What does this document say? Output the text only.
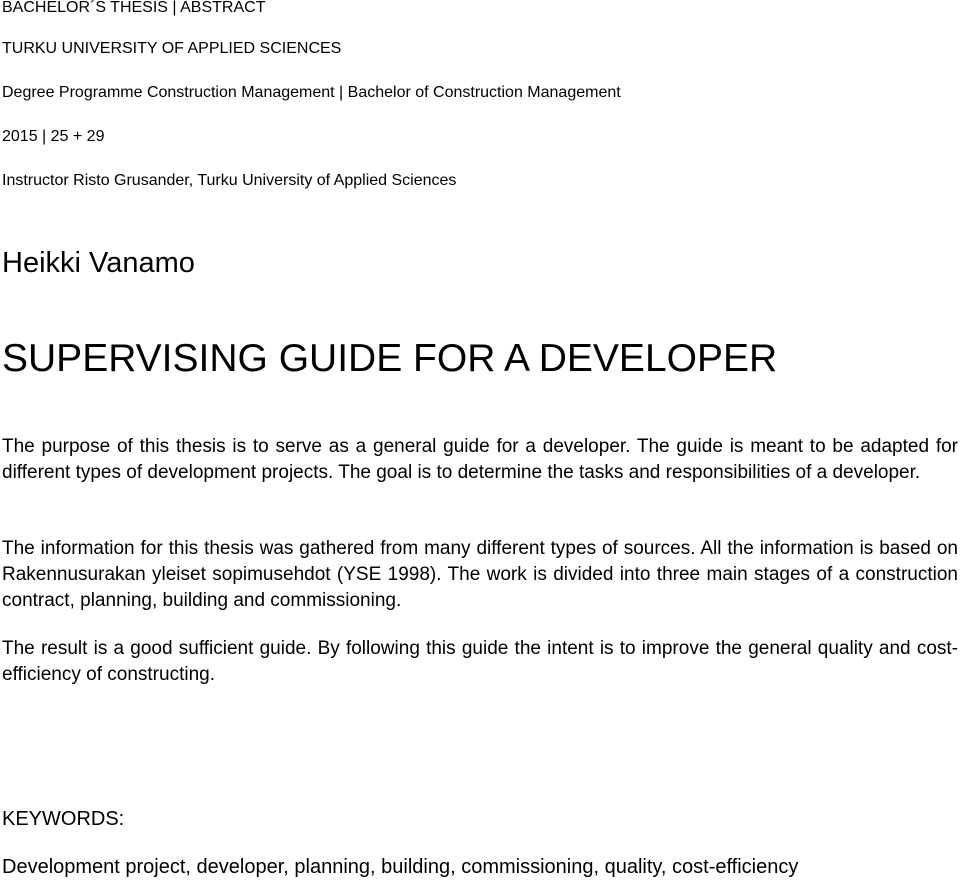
BACHELOR´S THESIS | ABSTRACT
TURKU UNIVERSITY OF APPLIED SCIENCES
Degree Programme Construction Management | Bachelor of Construction Management
2015 | 25 + 29
Instructor Risto Grusander, Turku University of Applied Sciences
Heikki Vanamo
SUPERVISING GUIDE FOR A DEVELOPER
The purpose of this thesis is to serve as a general guide for a developer. The guide is meant to be adapted for different types of development projects. The goal is to determine the tasks and responsibilities of a developer.
The information for this thesis was gathered from many different types of sources. All the information is based on Rakennusurakan yleiset sopimusehdot (YSE 1998). The work is divided into three main stages of a construction contract, planning, building and commissioning.
The result is a good sufficient guide. By following this guide the intent is to improve the general quality and cost-efficiency of constructing.
KEYWORDS:
Development project, developer, planning, building, commissioning, quality, cost-efficiency
